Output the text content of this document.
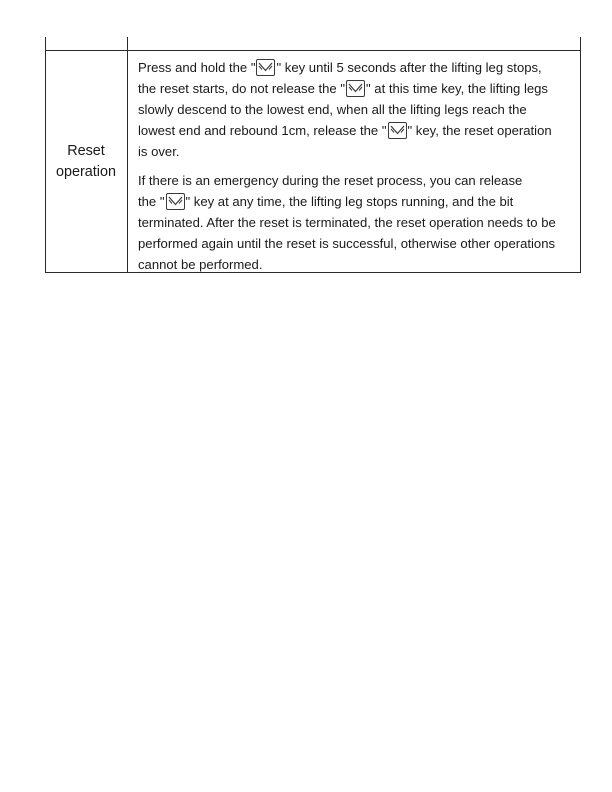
Reset
operation

Press and hold the " " key until 5 seconds after the lifting leg stops,
the reset starts, do not release the " " at this time key, the lifting legs
slowly descend to the lowest end, when all the lifting legs reach the
lowest end and rebound 1cm, release the " " key, the reset operation
is over.

If there is an emergency during the reset process, you can release
the " " key at any time, the lifting leg stops running, and the bit
terminated. After the reset is terminated, the reset operation needs to be
performed again until the reset is successful, otherwise other operations
cannot be performed.
